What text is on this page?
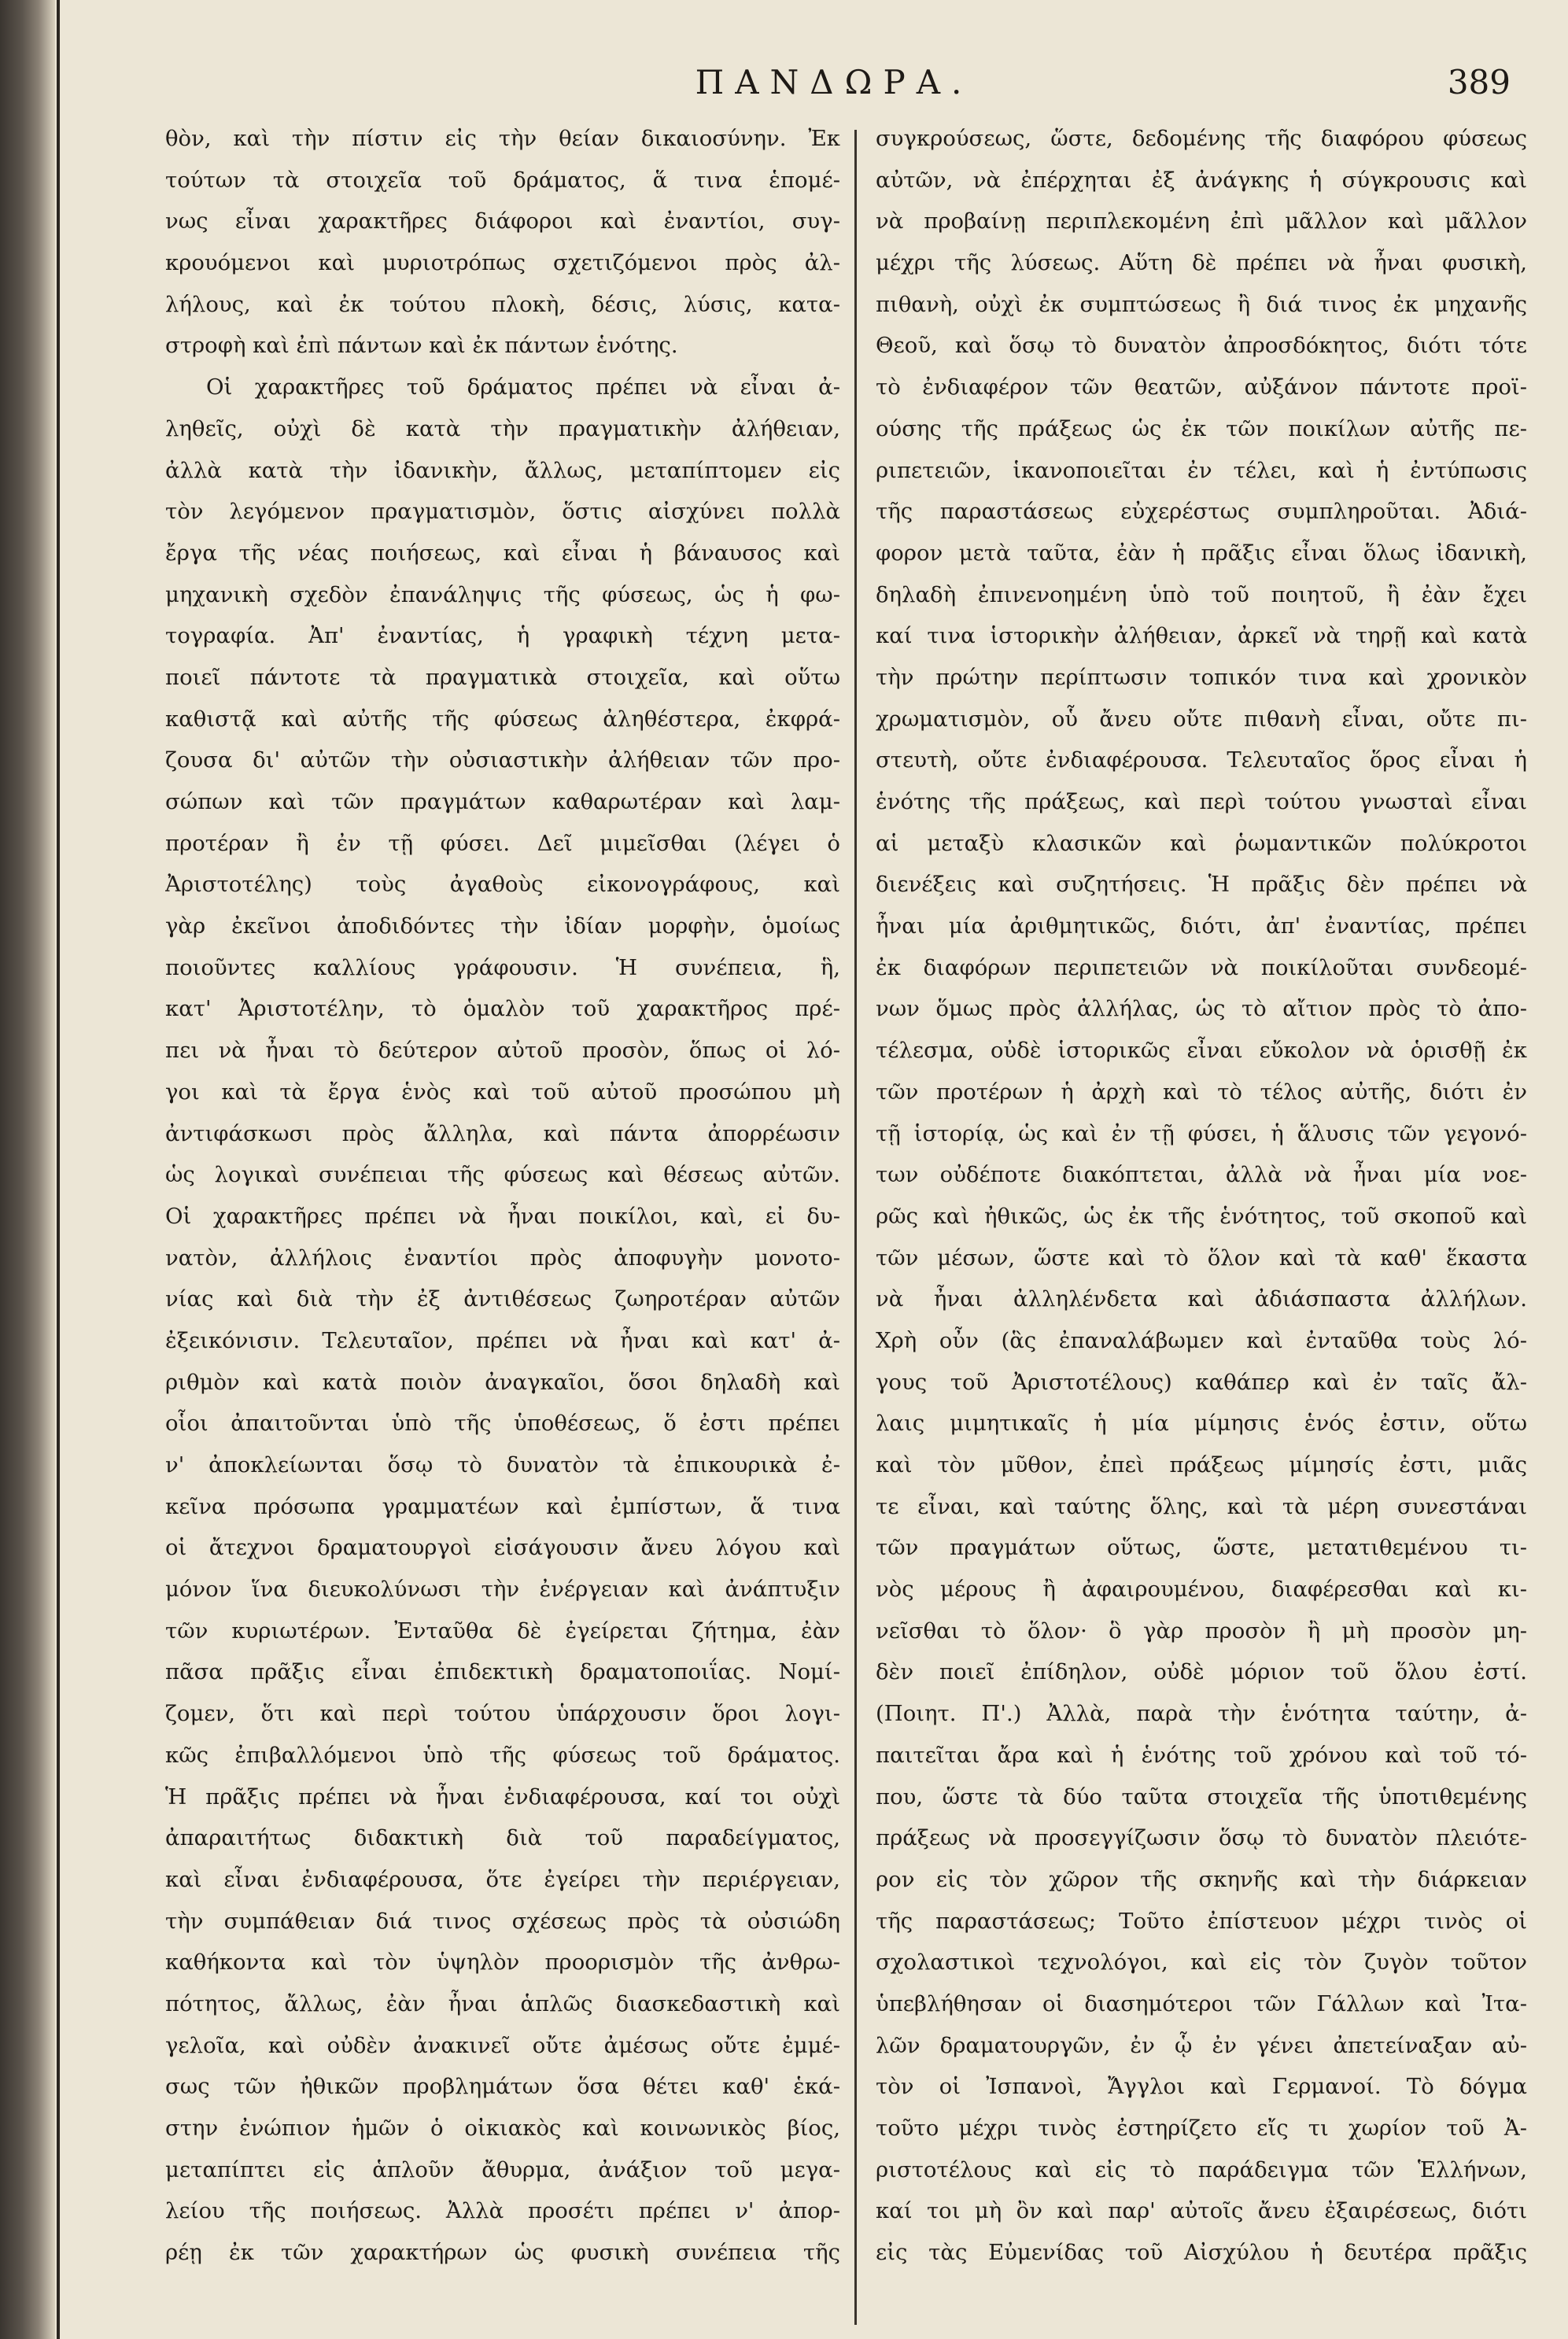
ΠΑΝΔΩΡΑ.	389
θὸν, καὶ τὴν πίστιν εἰς τὴν θείαν δικαιοσύνην. Ἐκ
τούτων τὰ στοιχεῖα τοῦ δράματος, ἅ τινα ἑπομέ-
νως εἶναι χαρακτῆρες διάφοροι καὶ ἐναντίοι, συγ-
κρουόμενοι καὶ μυριοτρόπως σχετιζόμενοι πρὸς ἀλ-
λήλους, καὶ ἐκ τούτου πλοκὴ, δέσις, λύσις, κατα-
στροφὴ καὶ ἐπὶ πάντων καὶ ἐκ πάντων ἑνότης.
Οἱ χαρακτῆρες τοῦ δράματος πρέπει νὰ εἶναι ἀ-
ληθεῖς, οὐχὶ δὲ κατὰ τὴν πραγματικὴν ἀλήθειαν,
ἀλλὰ κατὰ τὴν ἰδανικὴν, ἄλλως, μεταπίπτομεν εἰς
τὸν λεγόμενον πραγματισμὸν, ὅστις αἰσχύνει πολλὰ
ἔργα τῆς νέας ποιήσεως, καὶ εἶναι ἡ βάναυσος καὶ
μηχανικὴ σχεδὸν ἐπανάληψις τῆς φύσεως, ὡς ἡ φω-
τογραφία. Ἀπ' ἐναντίας, ἡ γραφικὴ τέχνη μετα-
ποιεῖ πάντοτε τὰ πραγματικὰ στοιχεῖα, καὶ οὕτω
καθιστᾷ καὶ αὐτῆς τῆς φύσεως ἀληθέστερα, ἐκφρά-
ζουσα δι' αὐτῶν τὴν οὐσιαστικὴν ἀλήθειαν τῶν προ-
σώπων καὶ τῶν πραγμάτων καθαρωτέραν καὶ λαμ-
προτέραν ἢ ἐν τῇ φύσει. Δεῖ μιμεῖσθαι (λέγει ὁ
Ἀριστοτέλης) τοὺς ἀγαθοὺς εἰκονογράφους, καὶ
γὰρ ἐκεῖνοι ἀποδιδόντες τὴν ἰδίαν μορφὴν, ὁμοίως
ποιοῦντες καλλίους γράφουσιν. Ἡ συνέπεια, ἣ,
κατ' Ἀριστοτέλην, τὸ ὁμαλὸν τοῦ χαρακτῆρος πρέ-
πει νὰ ἦναι τὸ δεύτερον αὐτοῦ προσὸν, ὅπως οἱ λό-
γοι καὶ τὰ ἔργα ἑνὸς καὶ τοῦ αὐτοῦ προσώπου μὴ
ἀντιφάσκωσι πρὸς ἄλληλα, καὶ πάντα ἀπορρέωσιν
ὡς λογικαὶ συνέπειαι τῆς φύσεως καὶ θέσεως αὐτῶν.
Οἱ χαρακτῆρες πρέπει νὰ ἦναι ποικίλοι, καὶ, εἰ δυ-
νατὸν, ἀλλήλοις ἐναντίοι πρὸς ἀποφυγὴν μονοτο-
νίας καὶ διὰ τὴν ἐξ ἀντιθέσεως ζωηροτέραν αὐτῶν
ἐξεικόνισιν. Τελευταῖον, πρέπει νὰ ἦναι καὶ κατ' ἀ-
ριθμὸν καὶ κατὰ ποιὸν ἀναγκαῖοι, ὅσοι δηλαδὴ καὶ
οἷοι ἀπαιτοῦνται ὑπὸ τῆς ὑποθέσεως, ὅ ἐστι πρέπει
ν' ἀποκλείωνται ὅσῳ τὸ δυνατὸν τὰ ἐπικουρικὰ ἐ-
κεῖνα πρόσωπα γραμματέων καὶ ἐμπίστων, ἅ τινα
οἱ ἄτεχνοι δραματουργοὶ εἰσάγουσιν ἄνευ λόγου καὶ
μόνον ἵνα διευκολύνωσι τὴν ἐνέργειαν καὶ ἀνάπτυξιν
τῶν κυριωτέρων. Ἐνταῦθα δὲ ἐγείρεται ζήτημα, ἐὰν
πᾶσα πρᾶξις εἶναι ἐπιδεκτικὴ δραματοποιΐας. Νομί-
ζομεν, ὅτι καὶ περὶ τούτου ὑπάρχουσιν ὅροι λογι-
κῶς ἐπιβαλλόμενοι ὑπὸ τῆς φύσεως τοῦ δράματος.
Ἡ πρᾶξις πρέπει νὰ ἦναι ἐνδιαφέρουσα, καί τοι οὐχὶ
ἀπαραιτήτως διδακτικὴ διὰ τοῦ παραδείγματος,
καὶ εἶναι ἐνδιαφέρουσα, ὅτε ἐγείρει τὴν περιέργειαν,
τὴν συμπάθειαν διά τινος σχέσεως πρὸς τὰ οὐσιώδη
καθήκοντα καὶ τὸν ὑψηλὸν προορισμὸν τῆς ἀνθρω-
πότητος, ἄλλως, ἐὰν ἦναι ἁπλῶς διασκεδαστικὴ καὶ
γελοῖα, καὶ οὐδὲν ἀνακινεῖ οὔτε ἀμέσως οὔτε ἐμμέ-
σως τῶν ἠθικῶν προβλημάτων ὅσα θέτει καθ' ἑκά-
στην ἐνώπιον ἡμῶν ὁ οἰκιακὸς καὶ κοινωνικὸς βίος,
μεταπίπτει εἰς ἁπλοῦν ἄθυρμα, ἀνάξιον τοῦ μεγα-
λείου τῆς ποιήσεως. Ἀλλὰ προσέτι πρέπει ν' ἀπορ-
ρέῃ ἐκ τῶν χαρακτήρων ὡς φυσικὴ συνέπεια τῆς
συγκρούσεως, ὥστε, δεδομένης τῆς διαφόρου φύσεως
αὐτῶν, νὰ ἐπέρχηται ἐξ ἀνάγκης ἡ σύγκρουσις καὶ
νὰ προβαίνῃ περιπλεκομένη ἐπὶ μᾶλλον καὶ μᾶλλον
μέχρι τῆς λύσεως. Αὕτη δὲ πρέπει νὰ ἦναι φυσικὴ,
πιθανὴ, οὐχὶ ἐκ συμπτώσεως ἢ διά τινος ἐκ μηχανῆς
Θεοῦ, καὶ ὅσῳ τὸ δυνατὸν ἀπροσδόκητος, διότι τότε
τὸ ἐνδιαφέρον τῶν θεατῶν, αὐξάνον πάντοτε προϊ-
ούσης τῆς πράξεως ὡς ἐκ τῶν ποικίλων αὐτῆς πε-
ριπετειῶν, ἱκανοποιεῖται ἐν τέλει, καὶ ἡ ἐντύπωσις
τῆς παραστάσεως εὐχερέστως συμπληροῦται. Ἀδιά-
φορον μετὰ ταῦτα, ἐὰν ἡ πρᾶξις εἶναι ὅλως ἰδανικὴ,
δηλαδὴ ἐπινενοημένη ὑπὸ τοῦ ποιητοῦ, ἢ ἐὰν ἔχει
καί τινα ἱστορικὴν ἀλήθειαν, ἀρκεῖ νὰ τηρῇ καὶ κατὰ
τὴν πρώτην περίπτωσιν τοπικόν τινα καὶ χρονικὸν
χρωματισμὸν, οὗ ἄνευ οὔτε πιθανὴ εἶναι, οὔτε πι-
στευτὴ, οὔτε ἐνδιαφέρουσα. Τελευταῖος ὅρος εἶναι ἡ
ἑνότης τῆς πράξεως, καὶ περὶ τούτου γνωσταὶ εἶναι
αἱ μεταξὺ κλασικῶν καὶ ῥωμαντικῶν πολύκροτοι
διενέξεις καὶ συζητήσεις. Ἡ πρᾶξις δὲν πρέπει νὰ
ἦναι μία ἀριθμητικῶς, διότι, ἀπ' ἐναντίας, πρέπει
ἐκ διαφόρων περιπετειῶν νὰ ποικίλοῦται συνδεομέ-
νων ὅμως πρὸς ἀλλήλας, ὡς τὸ αἴτιον πρὸς τὸ ἀπο-
τέλεσμα, οὐδὲ ἱστορικῶς εἶναι εὔκολον νὰ ὁρισθῇ ἐκ
τῶν προτέρων ἡ ἀρχὴ καὶ τὸ τέλος αὐτῆς, διότι ἐν
τῇ ἱστορίᾳ, ὡς καὶ ἐν τῇ φύσει, ἡ ἅλυσις τῶν γεγονό-
των οὐδέποτε διακόπτεται, ἀλλὰ νὰ ἦναι μία νοε-
ρῶς καὶ ἠθικῶς, ὡς ἐκ τῆς ἑνότητος, τοῦ σκοποῦ καὶ
τῶν μέσων, ὥστε καὶ τὸ ὅλον καὶ τὰ καθ' ἕκαστα
νὰ ἦναι ἀλληλένδετα καὶ ἀδιάσπαστα ἀλλήλων.
Χρὴ οὖν (ἃς ἐπαναλάβωμεν καὶ ἐνταῦθα τοὺς λό-
γους τοῦ Ἀριστοτέλους) καθάπερ καὶ ἐν ταῖς ἄλ-
λαις μιμητικαῖς ἡ μία μίμησις ἑνός ἐστιν, οὕτω
καὶ τὸν μῦθον, ἐπεὶ πράξεως μίμησίς ἐστι, μιᾶς
τε εἶναι, καὶ ταύτης ὅλης, καὶ τὰ μέρη συνεστάναι
τῶν πραγμάτων οὕτως, ὥστε, μετατιθεμένου τι-
νὸς μέρους ἢ ἀφαιρουμένου, διαφέρεσθαι καὶ κι-
νεῖσθαι τὸ ὅλον· ὃ γὰρ προσὸν ἢ μὴ προσὸν μη-
δὲν ποιεῖ ἐπίδηλον, οὐδὲ μόριον τοῦ ὅλου ἐστί.
(Ποιητ. Π'.) Ἀλλὰ, παρὰ τὴν ἑνότητα ταύτην, ἀ-
παιτεῖται ἄρα καὶ ἡ ἑνότης τοῦ χρόνου καὶ τοῦ τό-
που, ὥστε τὰ δύο ταῦτα στοιχεῖα τῆς ὑποτιθεμένης
πράξεως νὰ προσεγγίζωσιν ὅσῳ τὸ δυνατὸν πλειότε-
ρον εἰς τὸν χῶρον τῆς σκηνῆς καὶ τὴν διάρκειαν
τῆς παραστάσεως; Τοῦτο ἐπίστευον μέχρι τινὸς οἱ
σχολαστικοὶ τεχνολόγοι, καὶ εἰς τὸν ζυγὸν τοῦτον
ὑπεβλήθησαν οἱ διασημότεροι τῶν Γάλλων καὶ Ἰτα-
λῶν δραματουργῶν, ἐν ᾧ ἐν γένει ἀπετείναξαν αὐ-
τὸν οἱ Ἰσπανοὶ, Ἄγγλοι καὶ Γερμανοί. Τὸ δόγμα
τοῦτο μέχρι τινὸς ἐστηρίζετο εἴς τι χωρίον τοῦ Ἀ-
ριστοτέλους καὶ εἰς τὸ παράδειγμα τῶν Ἑλλήνων,
καί τοι μὴ ὂν καὶ παρ' αὐτοῖς ἄνευ ἐξαιρέσεως, διότι
εἰς τὰς Εὐμενίδας τοῦ Αἰσχύλου ἡ δευτέρα πρᾶξις
